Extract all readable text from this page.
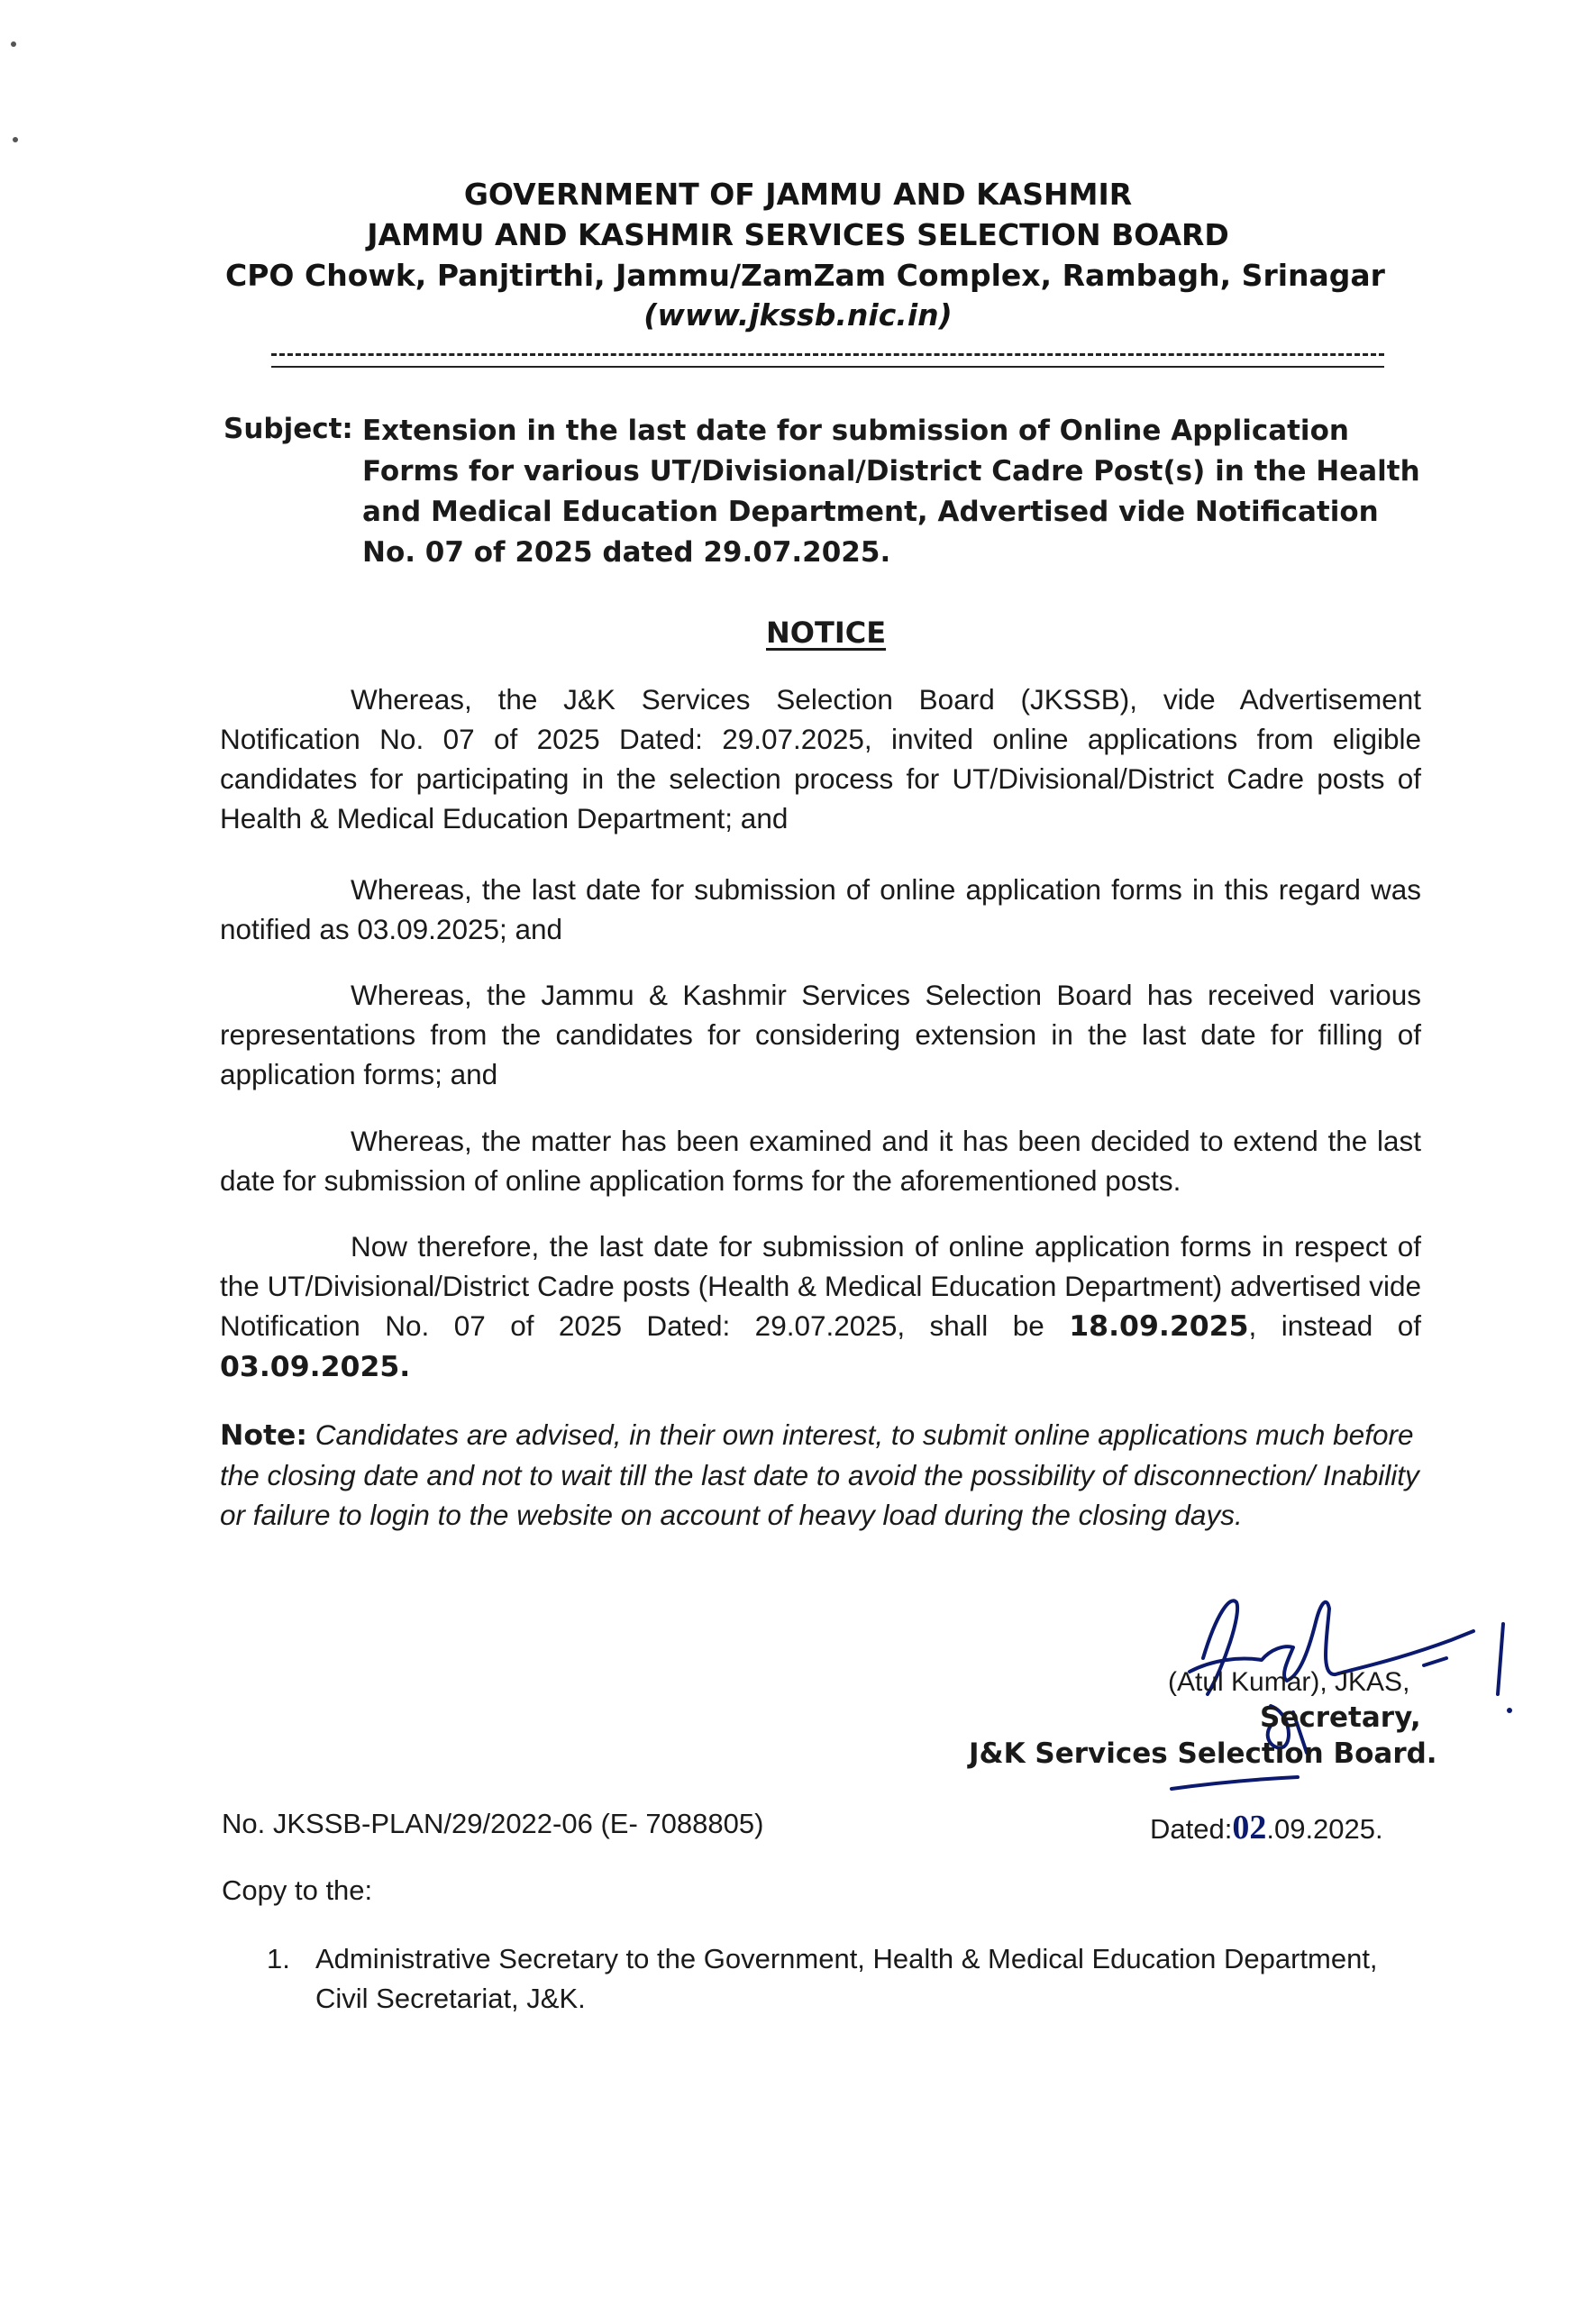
GOVERNMENT OF JAMMU AND KASHMIR
JAMMU AND KASHMIR SERVICES SELECTION BOARD
CPO Chowk, Panjtirthi, Jammu/ZamZam Complex, Rambagh, Srinagar
(www.jkssb.nic.in)
Subject: Extension in the last date for submission of Online Application Forms for various UT/Divisional/District Cadre Post(s) in the Health and Medical Education Department, Advertised vide Notification No. 07 of 2025 dated 29.07.2025.
NOTICE
Whereas, the J&K Services Selection Board (JKSSB), vide Advertisement Notification No. 07 of 2025 Dated: 29.07.2025, invited online applications from eligible candidates for participating in the selection process for UT/Divisional/District Cadre posts of Health & Medical Education Department; and
Whereas, the last date for submission of online application forms in this regard was notified as 03.09.2025; and
Whereas, the Jammu & Kashmir Services Selection Board has received various representations from the candidates for considering extension in the last date for filling of application forms; and
Whereas, the matter has been examined and it has been decided to extend the last date for submission of online application forms for the aforementioned posts.
Now therefore, the last date for submission of online application forms in respect of the UT/Divisional/District Cadre posts (Health & Medical Education Department) advertised vide Notification No. 07 of 2025 Dated: 29.07.2025, shall be 18.09.2025, instead of 03.09.2025.
Note: Candidates are advised, in their own interest, to submit online applications much before the closing date and not to wait till the last date to avoid the possibility of disconnection/ Inability or failure to login to the website on account of heavy load during the closing days.
(Atul Kumar), JKAS,
Secretary,
J&K Services Selection Board.
No. JKSSB-PLAN/29/2022-06 (E- 7088805)	Dated:02.09.2025.
Copy to the:
1. Administrative Secretary to the Government, Health & Medical Education Department, Civil Secretariat, J&K.
